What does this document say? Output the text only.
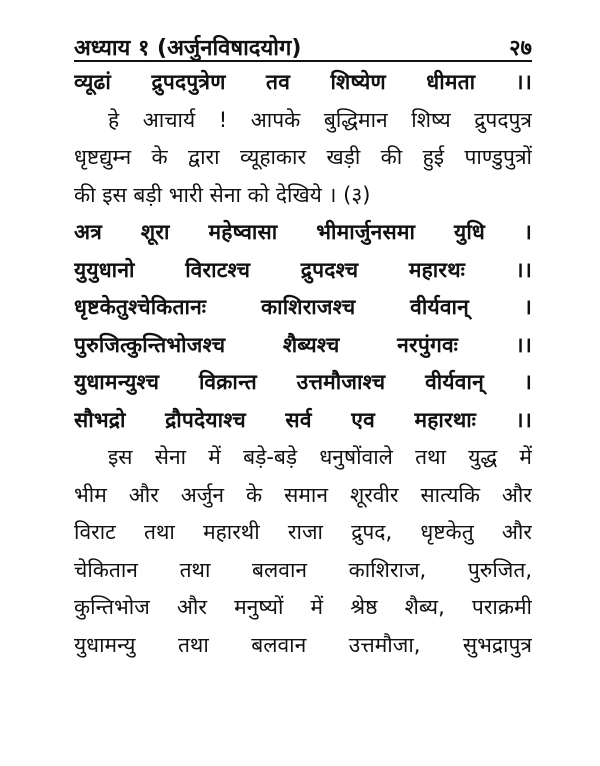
अध्याय १ (अर्जुनविषादयोग)	२७
व्यूढां द्रुपदपुत्रेण तव शिष्येण धीमता ।।
हे आचार्य ! आपके बुद्धिमान शिष्य द्रुपदपुत्र
धृष्टद्युम्न के द्वारा व्यूहाकार खड़ी की हुई पाण्डुपुत्रों
की इस बड़ी भारी सेना को देखिये । (३)
अत्र शूरा महेष्वासा भीमार्जुनसमा युधि ।
युयुधानो विराटश्च द्रुपदश्च महारथः ।।
धृष्टकेतुश्चेकितानः काशिराजश्च वीर्यवान् ।
पुरुजित्कुन्तिभोजश्च शैब्यश्च नरपुंगवः ।।
युधामन्युश्च विक्रान्त उत्तमौजाश्च वीर्यवान् ।
सौभद्रो द्रौपदेयाश्च सर्व एव महारथाः ।।
इस सेना में बड़े-बड़े धनुषोंवाले तथा युद्ध में
भीम और अर्जुन के समान शूरवीर सात्यकि और
विराट तथा महारथी राजा द्रुपद, धृष्टकेतु और
चेकितान तथा बलवान काशिराज, पुरुजित,
कुन्तिभोज और मनुष्यों में श्रेष्ठ शैब्य, पराक्रमी
युधामन्यु तथा बलवान उत्तमौजा, सुभद्रापुत्र
